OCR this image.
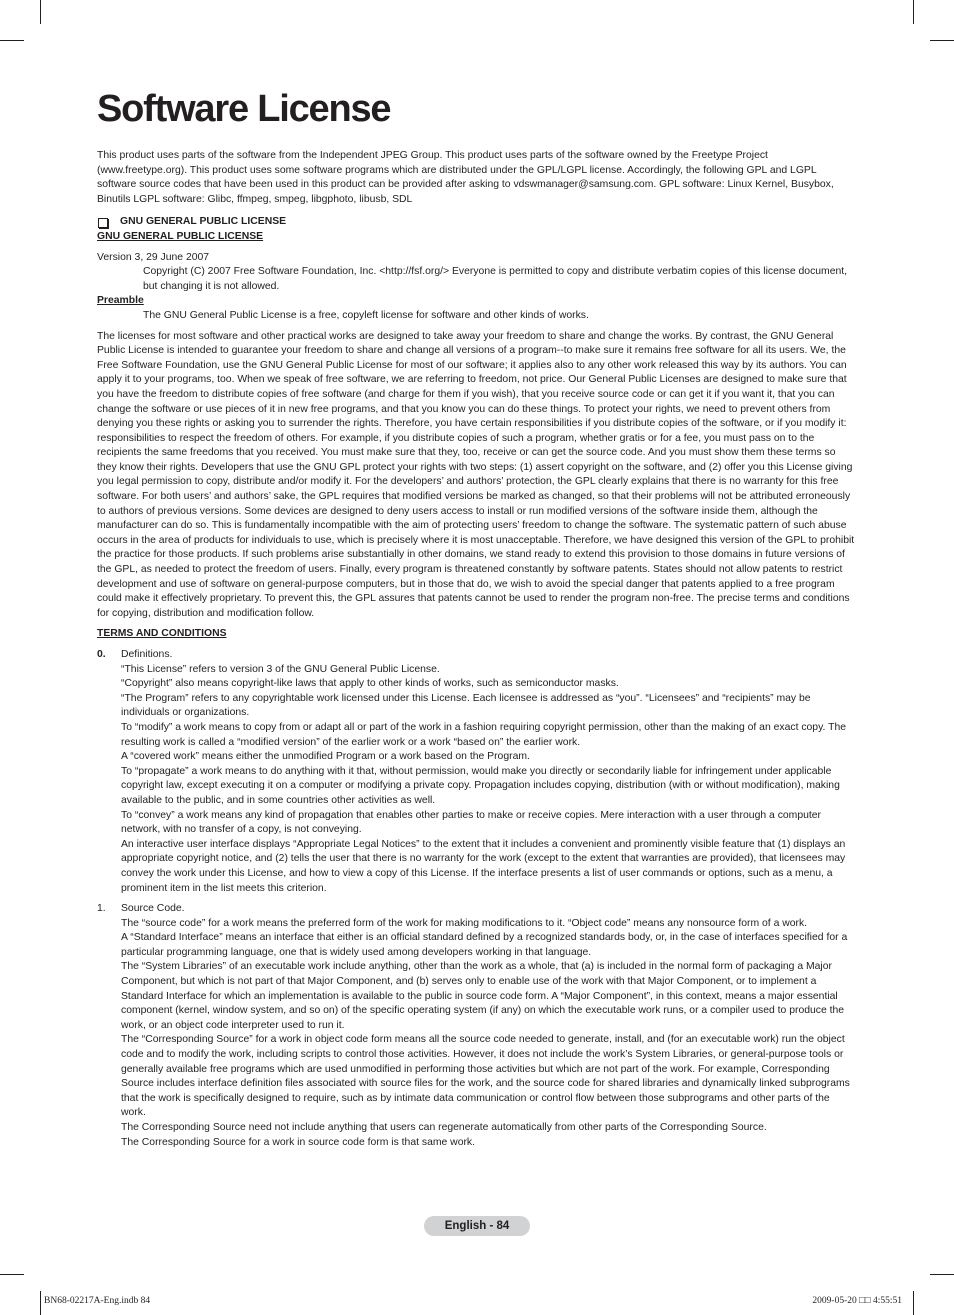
Software License

This product uses parts of the software from the Independent JPEG Group. This product uses parts of the software owned by the Freetype Project (www.freetype.org). This product uses some software programs which are distributed under the GPL/LGPL license. Accordingly, the following GPL and LGPL software source codes that have been used in this product can be provided after asking to vdswmanager@samsung.com. GPL software: Linux Kernel, Busybox, Binutils LGPL software: Glibc, ffmpeg, smpeg, libgphoto, libusb, SDL

GNU GENERAL PUBLIC LICENSE

GNU GENERAL PUBLIC LICENSE

Version 3, 29 June 2007

Copyright (C) 2007 Free Software Foundation, Inc. <http://fsf.org/> Everyone is permitted to copy and distribute verbatim copies of this license document, but changing it is not allowed.

Preamble

The GNU General Public License is a free, copyleft license for software and other kinds of works.

The licenses for most software and other practical works are designed to take away your freedom to share and change the works. By contrast, the GNU General Public License is intended to guarantee your freedom to share and change all versions of a program--to make sure it remains free software for all its users. We, the Free Software Foundation, use the GNU General Public License for most of our software; it applies also to any other work released this way by its authors. You can apply it to your programs, too. When we speak of free software, we are referring to freedom, not price. Our General Public Licenses are designed to make sure that you have the freedom to distribute copies of free software (and charge for them if you wish), that you receive source code or can get it if you want it, that you can change the software or use pieces of it in new free programs, and that you know you can do these things. To protect your rights, we need to prevent others from denying you these rights or asking you to surrender the rights. Therefore, you have certain responsibilities if you distribute copies of the software, or if you modify it: responsibilities to respect the freedom of others. For example, if you distribute copies of such a program, whether gratis or for a fee, you must pass on to the recipients the same freedoms that you received. You must make sure that they, too, receive or can get the source code. And you must show them these terms so they know their rights. Developers that use the GNU GPL protect your rights with two steps: (1) assert copyright on the software, and (2) offer you this License giving you legal permission to copy, distribute and/or modify it. For the developers’ and authors’ protection, the GPL clearly explains that there is no warranty for this free software. For both users’ and authors’ sake, the GPL requires that modified versions be marked as changed, so that their problems will not be attributed erroneously to authors of previous versions. Some devices are designed to deny users access to install or run modified versions of the software inside them, although the manufacturer can do so. This is fundamentally incompatible with the aim of protecting users’ freedom to change the software. The systematic pattern of such abuse occurs in the area of products for individuals to use, which is precisely where it is most unacceptable. Therefore, we have designed this version of the GPL to prohibit the practice for those products. If such problems arise substantially in other domains, we stand ready to extend this provision to those domains in future versions of the GPL, as needed to protect the freedom of users. Finally, every program is threatened constantly by software patents. States should not allow patents to restrict development and use of software on general-purpose computers, but in those that do, we wish to avoid the special danger that patents applied to a free program could make it effectively proprietary. To prevent this, the GPL assures that patents cannot be used to render the program non-free. The precise terms and conditions for copying, distribution and modification follow.

TERMS AND CONDITIONS

0.	Definitions.

“This License” refers to version 3 of the GNU General Public License.

“Copyright” also means copyright-like laws that apply to other kinds of works, such as semiconductor masks.

“The Program” refers to any copyrightable work licensed under this License. Each licensee is addressed as “you”. “Licensees” and “recipients” may be individuals or organizations.

To “modify” a work means to copy from or adapt all or part of the work in a fashion requiring copyright permission, other than the making of an exact copy. The resulting work is called a “modified version” of the earlier work or a work “based on” the earlier work.

A “covered work” means either the unmodified Program or a work based on the Program.

To “propagate” a work means to do anything with it that, without permission, would make you directly or secondarily liable for infringement under applicable copyright law, except executing it on a computer or modifying a private copy. Propagation includes copying, distribution (with or without modification), making available to the public, and in some countries other activities as well.

To “convey” a work means any kind of propagation that enables other parties to make or receive copies. Mere interaction with a user through a computer network, with no transfer of a copy, is not conveying.

An interactive user interface displays “Appropriate Legal Notices” to the extent that it includes a convenient and prominently visible feature that (1) displays an appropriate copyright notice, and (2) tells the user that there is no warranty for the work (except to the extent that warranties are provided), that licensees may convey the work under this License, and how to view a copy of this License. If the interface presents a list of user commands or options, such as a menu, a prominent item in the list meets this criterion.

1.	Source Code.

The “source code” for a work means the preferred form of the work for making modifications to it. “Object code” means any nonsource form of a work.

A “Standard Interface” means an interface that either is an official standard defined by a recognized standards body, or, in the case of interfaces specified for a particular programming language, one that is widely used among developers working in that language.

The “System Libraries” of an executable work include anything, other than the work as a whole, that (a) is included in the normal form of packaging a Major Component, but which is not part of that Major Component, and (b) serves only to enable use of the work with that Major Component, or to implement a Standard Interface for which an implementation is available to the public in source code form. A “Major Component”, in this context, means a major essential component (kernel, window system, and so on) of the specific operating system (if any) on which the executable work runs, or a compiler used to produce the work, or an object code interpreter used to run it.

The “Corresponding Source” for a work in object code form means all the source code needed to generate, install, and (for an executable work) run the object code and to modify the work, including scripts to control those activities. However, it does not include the work’s System Libraries, or general-purpose tools or generally available free programs which are used unmodified in performing those activities but which are not part of the work. For example, Corresponding Source includes interface definition files associated with source files for the work, and the source code for shared libraries and dynamically linked subprograms that the work is specifically designed to require, such as by intimate data communication or control flow between those subprograms and other parts of the work.

The Corresponding Source need not include anything that users can regenerate automatically from other parts of the Corresponding Source.

The Corresponding Source for a work in source code form is that same work.

English - 84
BN68-02217A-Eng.indb 84	2009-05-20 □□ 4:55:51
